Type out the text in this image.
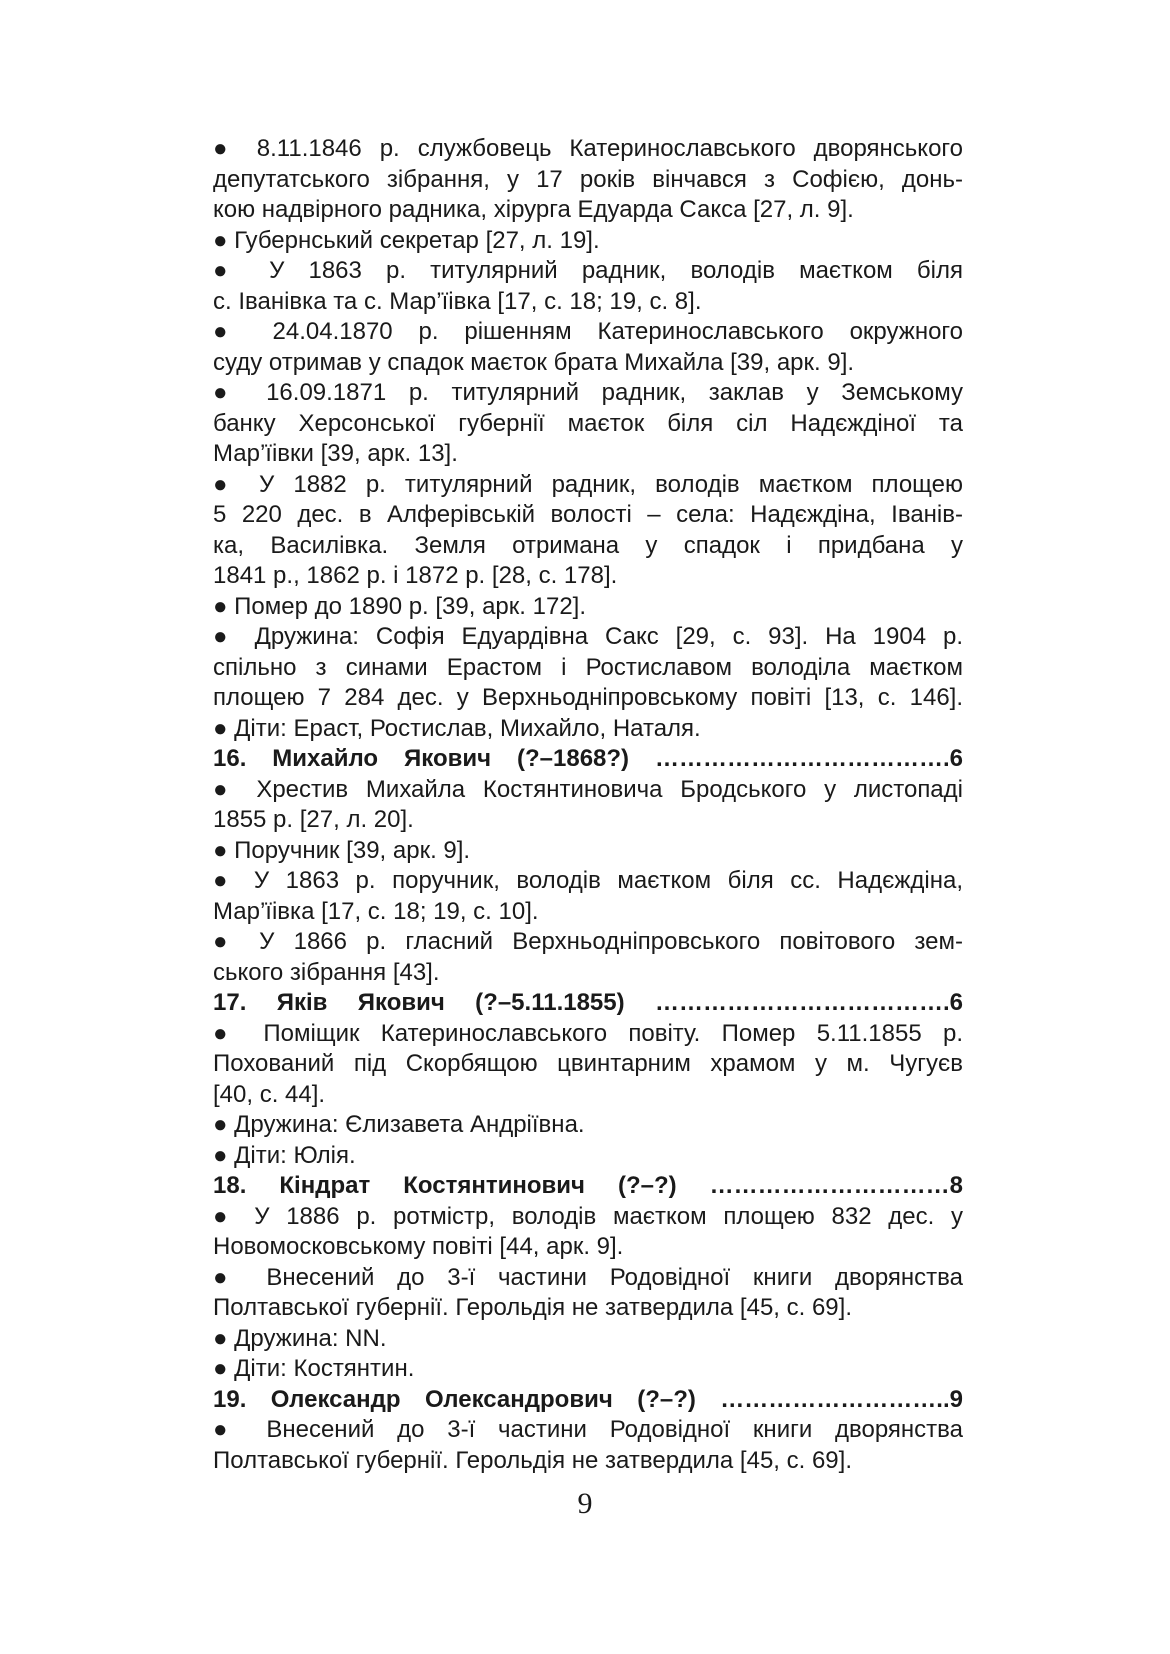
● 8.11.1846 р. службовець Катеринославського дворянського
депутатського зібрання, у 17 років вінчався з Софією, донь-
кою надвірного радника, хірурга Едуарда Сакса [27, л. 9].
● Губернський секретар [27, л. 19].
● У 1863 р. титулярний радник, володів маєтком біля
с. Іванівка та с. Мар’їівка [17, с. 18; 19, с. 8].
● 24.04.1870 р. рішенням Катеринославського окружного
суду отримав у спадок маєток брата Михайла [39, арк. 9].
● 16.09.1871 р. титулярний радник, заклав у Земському
банку Херсонської губернії маєток біля сіл Надєждіної та
Мар’їівки [39, арк. 13].
● У 1882 р. титулярний радник, володів маєтком площею
5 220 дес. в Алферівській волості – села: Надєждіна, Іванів-
ка, Василівка. Земля отримана у спадок і придбана у
1841 р., 1862 р. і 1872 р. [28, с. 178].
● Помер до 1890 р. [39, арк. 172].
● Дружина: Софія Едуардівна Сакс [29, с. 93]. На 1904 р.
спільно з синами Ерастом і Ростиславом володіла маєтком
площею 7 284 дес. у Верхньодніпровському повіті [13, с. 146].
● Діти: Ераст, Ростислав, Михайло, Наталя.
16. Михайло Якович (?–1868?) ……………………………….6
● Хрестив Михайла Костянтиновича Бродського у листопаді
1855 р. [27, л. 20].
● Поручник [39, арк. 9].
● У 1863 р. поручник, володів маєтком біля сс. Надєждіна,
Мар’їівка [17, с. 18; 19, с. 10].
● У 1866 р. гласний Верхньодніпровського повітового зем-
ського зібрання [43].
17. Яків Якович (?–5.11.1855) ……………………………….6
● Поміщик Катеринославського повіту. Помер 5.11.1855 р.
Похований під Скорбящою цвинтарним храмом у м. Чугуєв
[40, с. 44].
● Дружина: Єлизавета Андріївна.
● Діти: Юлія.
18. Кіндрат Костянтинович (?–?) …………………………8
● У 1886 р. ротмістр, володів маєтком площею 832 дес. у
Новомосковському повіті [44, арк. 9].
● Внесений до 3-ї частини Родовідної книги дворянства
Полтавської губернії. Герольдія не затвердила [45, с. 69].
● Дружина: NN.
● Діти: Костянтин.
19. Олександр Олександрович (?–?) ………………………..9
● Внесений до 3-ї частини Родовідної книги дворянства
Полтавської губернії. Герольдія не затвердила [45, с. 69].
9
